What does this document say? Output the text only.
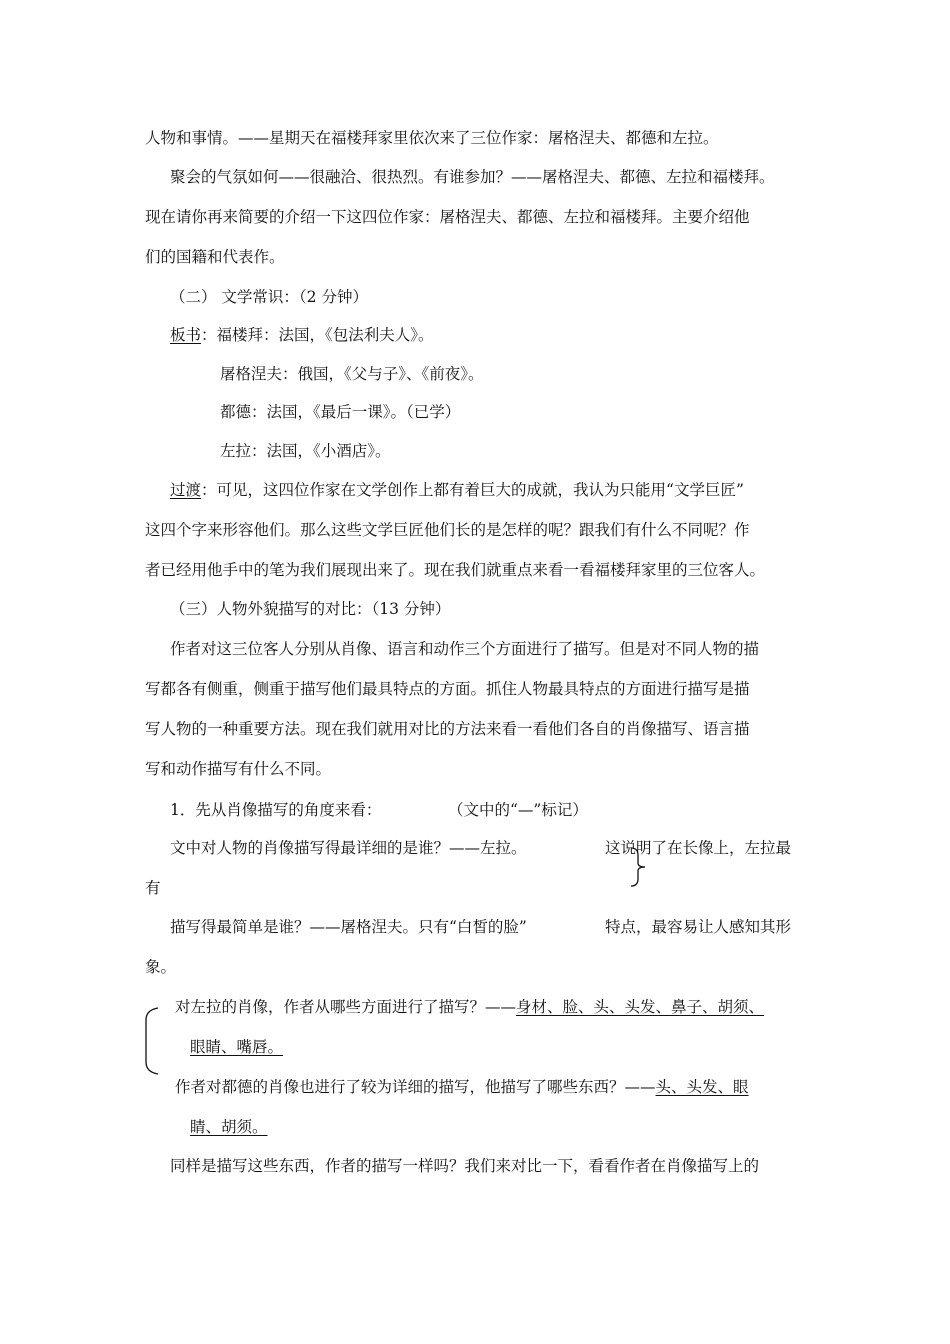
人物和事情。——星期天在福楼拜家里依次来了三位作家：屠格涅夫、都德和左拉。
聚会的气氛如何——很融洽、很热烈。有谁参加？——屠格涅夫、都德、左拉和福楼拜。
现在请你再来简要的介绍一下这四位作家：屠格涅夫、都德、左拉和福楼拜。主要介绍他
们的国籍和代表作。
（二） 文学常识：（2 分钟）
板书：福楼拜：法国，《包法利夫人》。
屠格涅夫：俄国，《父与子》、《前夜》。
都德：法国，《最后一课》。（已学）
左拉：法国，《小酒店》。
过渡：可见，这四位作家在文学创作上都有着巨大的成就，我认为只能用“文学巨匠”
这四个字来形容他们。那么这些文学巨匠他们长的是怎样的呢？跟我们有什么不同呢？作
者已经用他手中的笔为我们展现出来了。现在我们就重点来看一看福楼拜家里的三位客人。
（三）人物外貌描写的对比：（13 分钟）
作者对这三位客人分别从肖像、语言和动作三个方面进行了描写。但是对不同人物的描
写都各有侧重，侧重于描写他们最具特点的方面。抓住人物最具特点的方面进行描写是描
写人物的一种重要方法。现在我们就用对比的方法来看一看他们各自的肖像描写、语言描
写和动作描写有什么不同。
1．先从肖像描写的角度来看：	（文中的“—”标记）
文中对人物的肖像描写得最详细的是谁？——左拉。	这说明了在长像上，左拉最
有
描写得最简单是谁？——屠格涅夫。只有“白皙的脸”	特点，最容易让人感知其形
象。
对左拉的肖像，作者从哪些方面进行了描写？——身材、脸、头、头发、鼻子、胡须、
眼睛、嘴唇。
作者对都德的肖像也进行了较为详细的描写，他描写了哪些东西？——头、头发、眼
睛、胡须。
同样是描写这些东西，作者的描写一样吗？我们来对比一下，看看作者在肖像描写上的
